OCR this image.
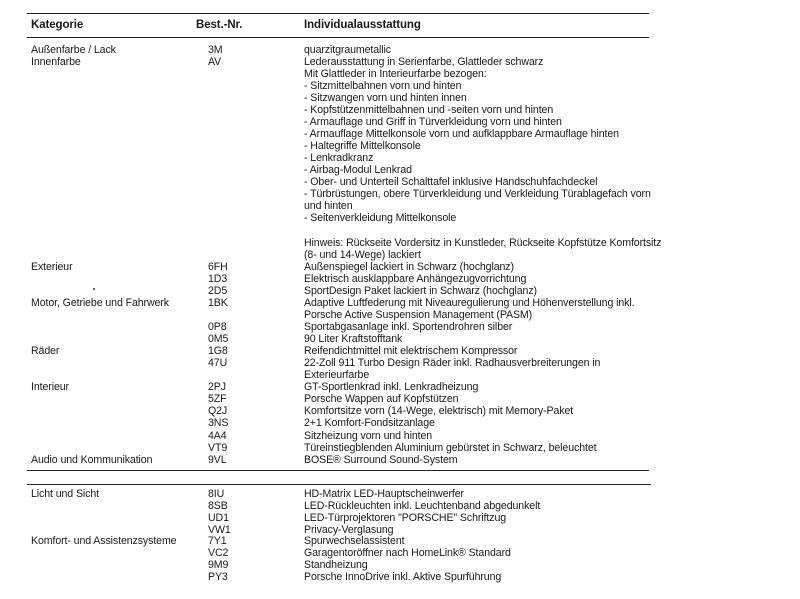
Kategorie	Best.-Nr.	Individualausstattung
Außenfarbe / Lack
Innenfarbe
Exterieur
Motor, Getriebe und Fahrwerk
Räder
Interieur
Audio und Kommunikation
Licht und Sicht
Komfort- und Assistenzsysteme
3M
AV
6FH
1D3
2D5
1BK
0P8
0M5
1G8
47U
2PJ
5ZF
Q2J
3NS
4A4
VT9
9VL
8IU
8SB
UD1
VW1
7Y1
VC2
9M9
PY3
quarzitgraumetallic
Lederausstattung in Serienfarbe, Glattleder schwarz
Mit Glattleder in Interieurfarbe bezogen:
- Sitzmittelbahnen vorn und hinten
- Sitzwangen vorn und hinten innen
- Kopfstützenmittelbahnen und -seiten vorn und hinten
- Armauflage und Griff in Türverkleidung vorn und hinten
- Armauflage Mittelkonsole vorn und aufklappbare Armauflage hinten
- Haltegriffe Mittelkonsole
- Lenkradkranz
- Airbag-Modul Lenkrad
- Ober- und Unterteil Schalttafel inklusive Handschuhfachdeckel
- Türbrüstungen, obere Türverkleidung und Verkleidung Türablagefach vorn
und hinten
- Seitenverkleidung Mittelkonsole
Hinweis: Rückseite Vordersitz in Kunstleder, Rückseite Kopfstütze Komfortsitz
(8- und 14-Wege) lackiert
Außenspiegel lackiert in Schwarz (hochglanz)
Elektrisch ausklappbare Anhängezugvorrichtung
SportDesign Paket lackiert in Schwarz (hochglanz)
Adaptive Luftfederung mit Niveauregulierung und Höhenverstellung inkl.
Porsche Active Suspension Management (PASM)
Sportabgasanlage inkl. Sportendrohren silber
90 Liter Kraftstofftank
Reifendichtmittel mit elektrischem Kompressor
22-Zoll 911 Turbo Design Räder inkl. Radhausverbreiterungen in
Exterieurfarbe
GT-Sportlenkrad inkl. Lenkradheizung
Porsche Wappen auf Kopfstützen
Komfortsitze vorn (14-Wege, elektrisch) mit Memory-Paket
2+1 Komfort-Fondsitzanlage
Sitzheizung vorn und hinten
Türeinstiegblenden Aluminium gebürstet in Schwarz, beleuchtet
BOSE® Surround Sound-System
HD-Matrix LED-Hauptscheinwerfer
LED-Rückleuchten inkl. Leuchtenband abgedunkelt
LED-Türprojektoren "PORSCHE" Schriftzug
Privacy-Verglasung
Spurwechselassistent
Garagentoröffner nach HomeLink® Standard
Standheizung
Porsche InnoDrive inkl. Aktive Spurführung
